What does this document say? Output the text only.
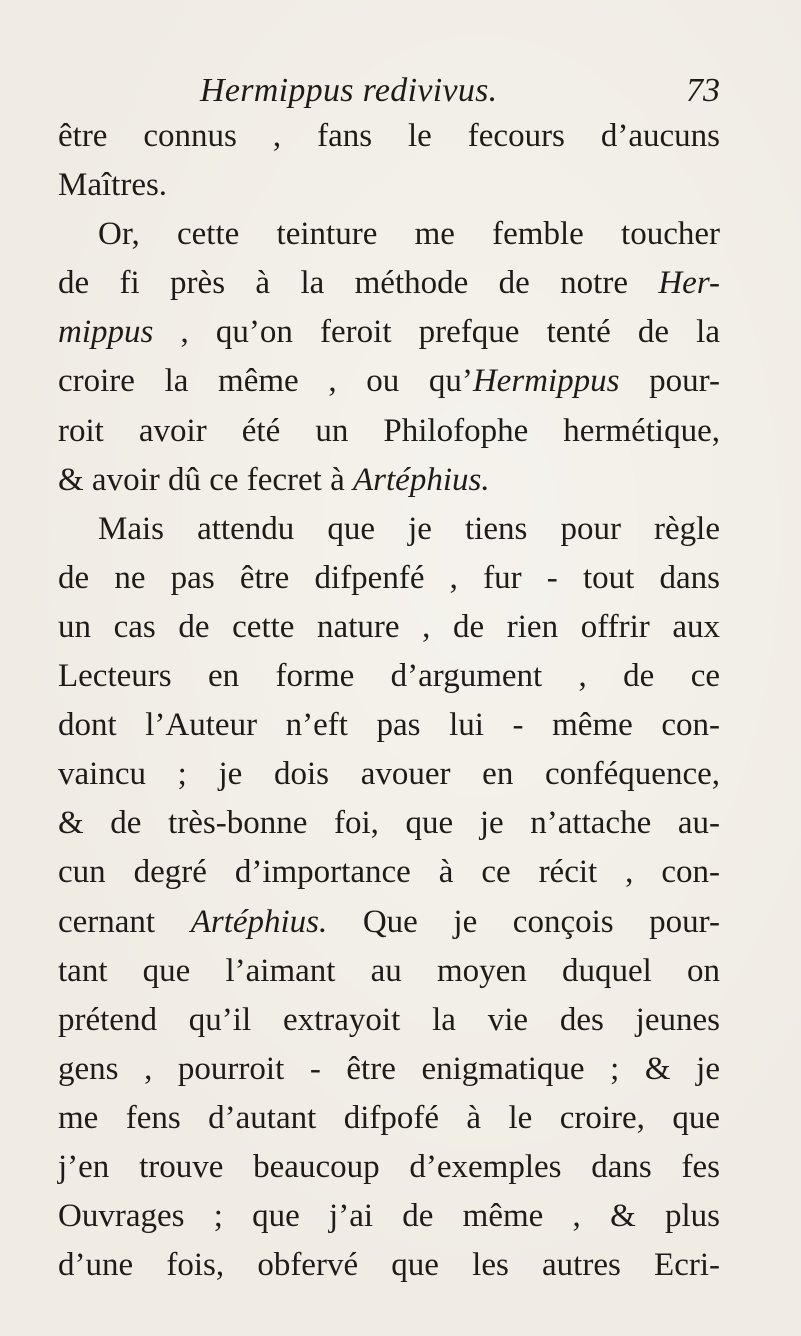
Hermippus redivivus.	73
être connus , fans le fecours d’aucuns
Maîtres.
Or, cette teinture me femble toucher
de fi près à la méthode de notre Her-
mippus , qu’on feroit prefque tenté de la
croire la même , ou qu’Hermippus pour-
roit avoir été un Philofophe hermétique,
& avoir dû ce fecret à Artéphius.
Mais attendu que je tiens pour règle
de ne pas être difpenfé , fur - tout dans
un cas de cette nature , de rien offrir aux
Lecteurs en forme d’argument , de ce
dont l’Auteur n’eft pas lui - même con-
vaincu ; je dois avouer en conféquence,
& de très-bonne foi, que je n’attache au-
cun degré d’importance à ce récit , con-
cernant Artéphius. Que je conçois pour-
tant que l’aimant au moyen duquel on
prétend qu’il extrayoit la vie des jeunes
gens , pourroit - être enigmatique ; & je
me fens d’autant difpofé à le croire, que
j’en trouve beaucoup d’exemples dans fes
Ouvrages ; que j’ai de même , & plus
d’une fois, obfervé que les autres Ecri-
